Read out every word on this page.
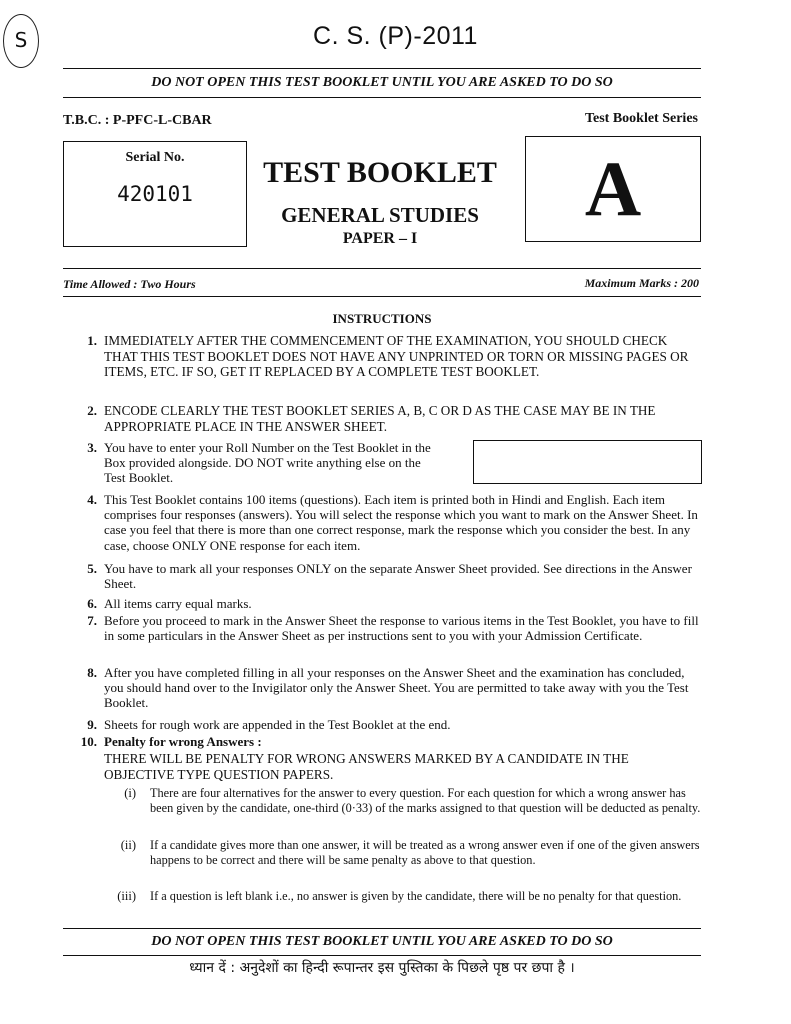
S	C. S. (P)-2011
DO NOT OPEN THIS TEST BOOKLET UNTIL YOU ARE ASKED TO DO SO
T.B.C. : P-PFC-L-CBAR	Test Booklet Series
Serial No.
420101
TEST BOOKLET
GENERAL STUDIES
PAPER – I
A
Time Allowed : Two Hours	Maximum Marks : 200
INSTRUCTIONS
1. IMMEDIATELY AFTER THE COMMENCEMENT OF THE EXAMINATION, YOU SHOULD CHECK THAT THIS TEST BOOKLET DOES NOT HAVE ANY UNPRINTED OR TORN OR MISSING PAGES OR ITEMS, ETC. IF SO, GET IT REPLACED BY A COMPLETE TEST BOOKLET.
2. ENCODE CLEARLY THE TEST BOOKLET SERIES A, B, C OR D AS THE CASE MAY BE IN THE APPROPRIATE PLACE IN THE ANSWER SHEET.
3. You have to enter your Roll Number on the Test Booklet in the Box provided alongside. DO NOT write anything else on the Test Booklet.
4. This Test Booklet contains 100 items (questions). Each item is printed both in Hindi and English. Each item comprises four responses (answers). You will select the response which you want to mark on the Answer Sheet. In case you feel that there is more than one correct response, mark the response which you consider the best. In any case, choose ONLY ONE response for each item.
5. You have to mark all your responses ONLY on the separate Answer Sheet provided. See directions in the Answer Sheet.
6. All items carry equal marks.
7. Before you proceed to mark in the Answer Sheet the response to various items in the Test Booklet, you have to fill in some particulars in the Answer Sheet as per instructions sent to you with your Admission Certificate.
8. After you have completed filling in all your responses on the Answer Sheet and the examination has concluded, you should hand over to the Invigilator only the Answer Sheet. You are permitted to take away with you the Test Booklet.
9. Sheets for rough work are appended in the Test Booklet at the end.
10. Penalty for wrong Answers :
THERE WILL BE PENALTY FOR WRONG ANSWERS MARKED BY A CANDIDATE IN THE OBJECTIVE TYPE QUESTION PAPERS.
(i) There are four alternatives for the answer to every question. For each question for which a wrong answer has been given by the candidate, one-third (0·33) of the marks assigned to that question will be deducted as penalty.
(ii) If a candidate gives more than one answer, it will be treated as a wrong answer even if one of the given answers happens to be correct and there will be same penalty as above to that question.
(iii) If a question is left blank i.e., no answer is given by the candidate, there will be no penalty for that question.
DO NOT OPEN THIS TEST BOOKLET UNTIL YOU ARE ASKED TO DO SO
ध्यान दें : अनुदेशों का हिन्दी रूपान्तर इस पुस्तिका के पिछले पृष्ठ पर छपा है ।
